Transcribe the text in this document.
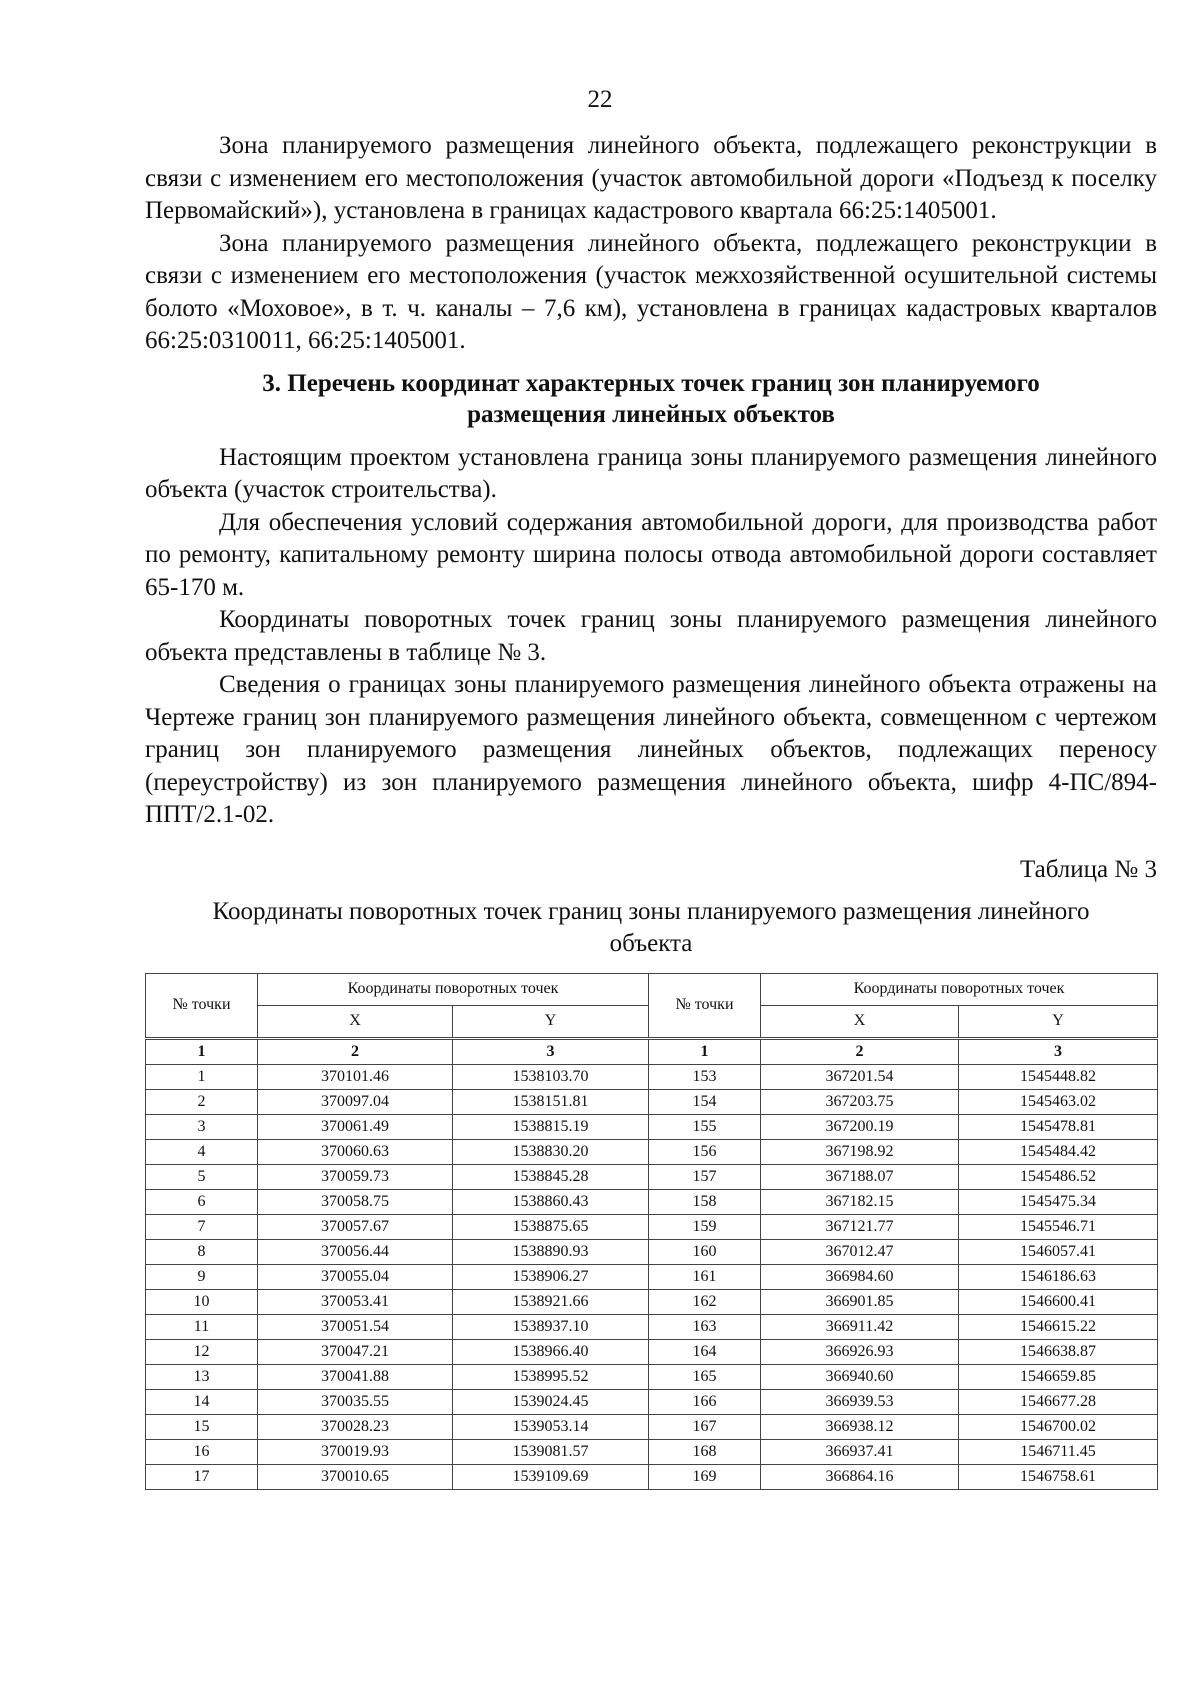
22

Зона планируемого размещения линейного объекта, подлежащего реконструкции в связи с изменением его местоположения (участок автомобильной дороги «Подъезд к поселку Первомайский»), установлена в границах кадастрового квартала 66:25:1405001.

Зона планируемого размещения линейного объекта, подлежащего реконструкции в связи с изменением его местоположения (участок межхозяйственной осушительной системы болото «Моховое», в т. ч. каналы – 7,6 км), установлена в границах кадастровых кварталов 66:25:0310011, 66:25:1405001.

3. Перечень координат характерных точек границ зон планируемого
размещения линейных объектов

Настоящим проектом установлена граница зоны планируемого размещения линейного объекта (участок строительства).

Для обеспечения условий содержания автомобильной дороги, для производства работ по ремонту, капитальному ремонту ширина полосы отвода автомобильной дороги составляет 65-170 м.

Координаты поворотных точек границ зоны планируемого размещения линейного объекта представлены в таблице № 3.

Сведения о границах зоны планируемого размещения линейного объекта отражены на Чертеже границ зон планируемого размещения линейного объекта, совмещенном с чертежом границ зон планируемого размещения линейных объектов, подлежащих переносу (переустройству) из зон планируемого размещения линейного объекта, шифр 4-ПС/894-ППТ/2.1-02.

Таблица № 3
Координаты поворотных точек границ зоны планируемого размещения линейного
объекта
№ точки	Координаты поворотных точек		№ точки	Координаты поворотных точек	
	X	Y		X	Y
1	2	3	1	2	3
1	370101.46	1538103.70	153	367201.54	1545448.82
2	370097.04	1538151.81	154	367203.75	1545463.02
3	370061.49	1538815.19	155	367200.19	1545478.81
4	370060.63	1538830.20	156	367198.92	1545484.42
5	370059.73	1538845.28	157	367188.07	1545486.52
6	370058.75	1538860.43	158	367182.15	1545475.34
7	370057.67	1538875.65	159	367121.77	1545546.71
8	370056.44	1538890.93	160	367012.47	1546057.41
9	370055.04	1538906.27	161	366984.60	1546186.63
10	370053.41	1538921.66	162	366901.85	1546600.41
11	370051.54	1538937.10	163	366911.42	1546615.22
12	370047.21	1538966.40	164	366926.93	1546638.87
13	370041.88	1538995.52	165	366940.60	1546659.85
14	370035.55	1539024.45	166	366939.53	1546677.28
15	370028.23	1539053.14	167	366938.12	1546700.02
16	370019.93	1539081.57	168	366937.41	1546711.45
17	370010.65	1539109.69	169	366864.16	1546758.61
